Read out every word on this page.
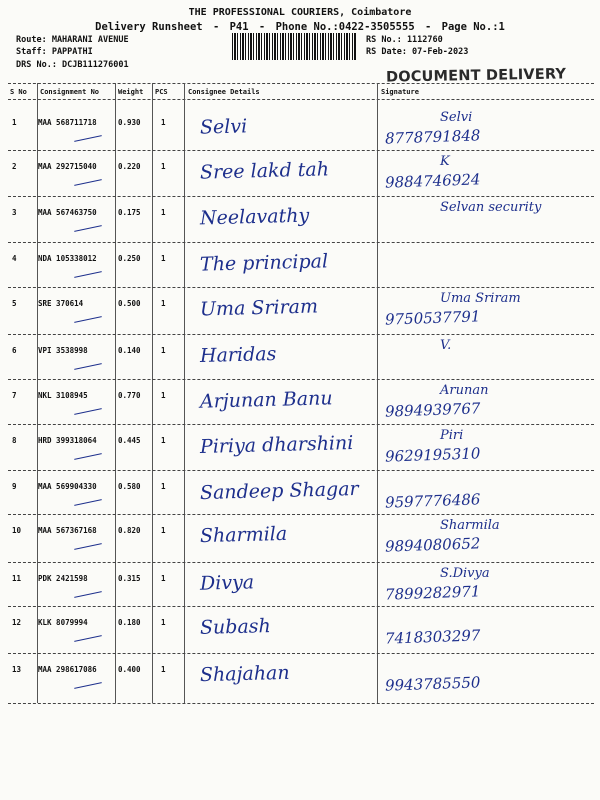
THE PROFESSIONAL COURIERS, Coimbatore
Delivery Runsheet - P41 - Phone No.:0422-3505555 - Page No.:1
Route: MAHARANI AVENUE
Staff: PAPPATHI
DRS No.: DCJB111276001
RS No.: 1112760
RS Date: 07-Feb-2023
DOCUMENT DELIVERY
S No Consignment No	Weight PCS	Consignee Details	Signature
1	MAA 568711718	0.930	1 Selvi	Selvi
8778791848
2	MAA 292715040	0.220	1 Sree lakd tah	K
9884746924
3	MAA 567463750	0.175	1 Neelavathy	Selvan security
4	NDA 105338012	0.250	1 The principal
5	SRE 370614	0.500	1 Uma Sriram	Uma Sriram
9750537791
6	VPI 3538998	0.140	1 Haridas	V.
7	NKL 3108945	0.770	1 Arjunan Banu	Arunan
9894939767
8	HRD 399318064	0.445	1 Piriya dharshini	Piri
9629195310
9	MAA 569904330	0.580	1 Sandeep Shagar 9597776486
10 MAA 567367168	0.820	1 Sharmila	Sharmila
9894080652
11 PDK 2421598	0.315	1 Divya	S.Divya
7899282971
12 KLK 8079994	0.180	1 Subash	7418303297
13 MAA 298617086	0.400	1 Shajahan	9943785550
